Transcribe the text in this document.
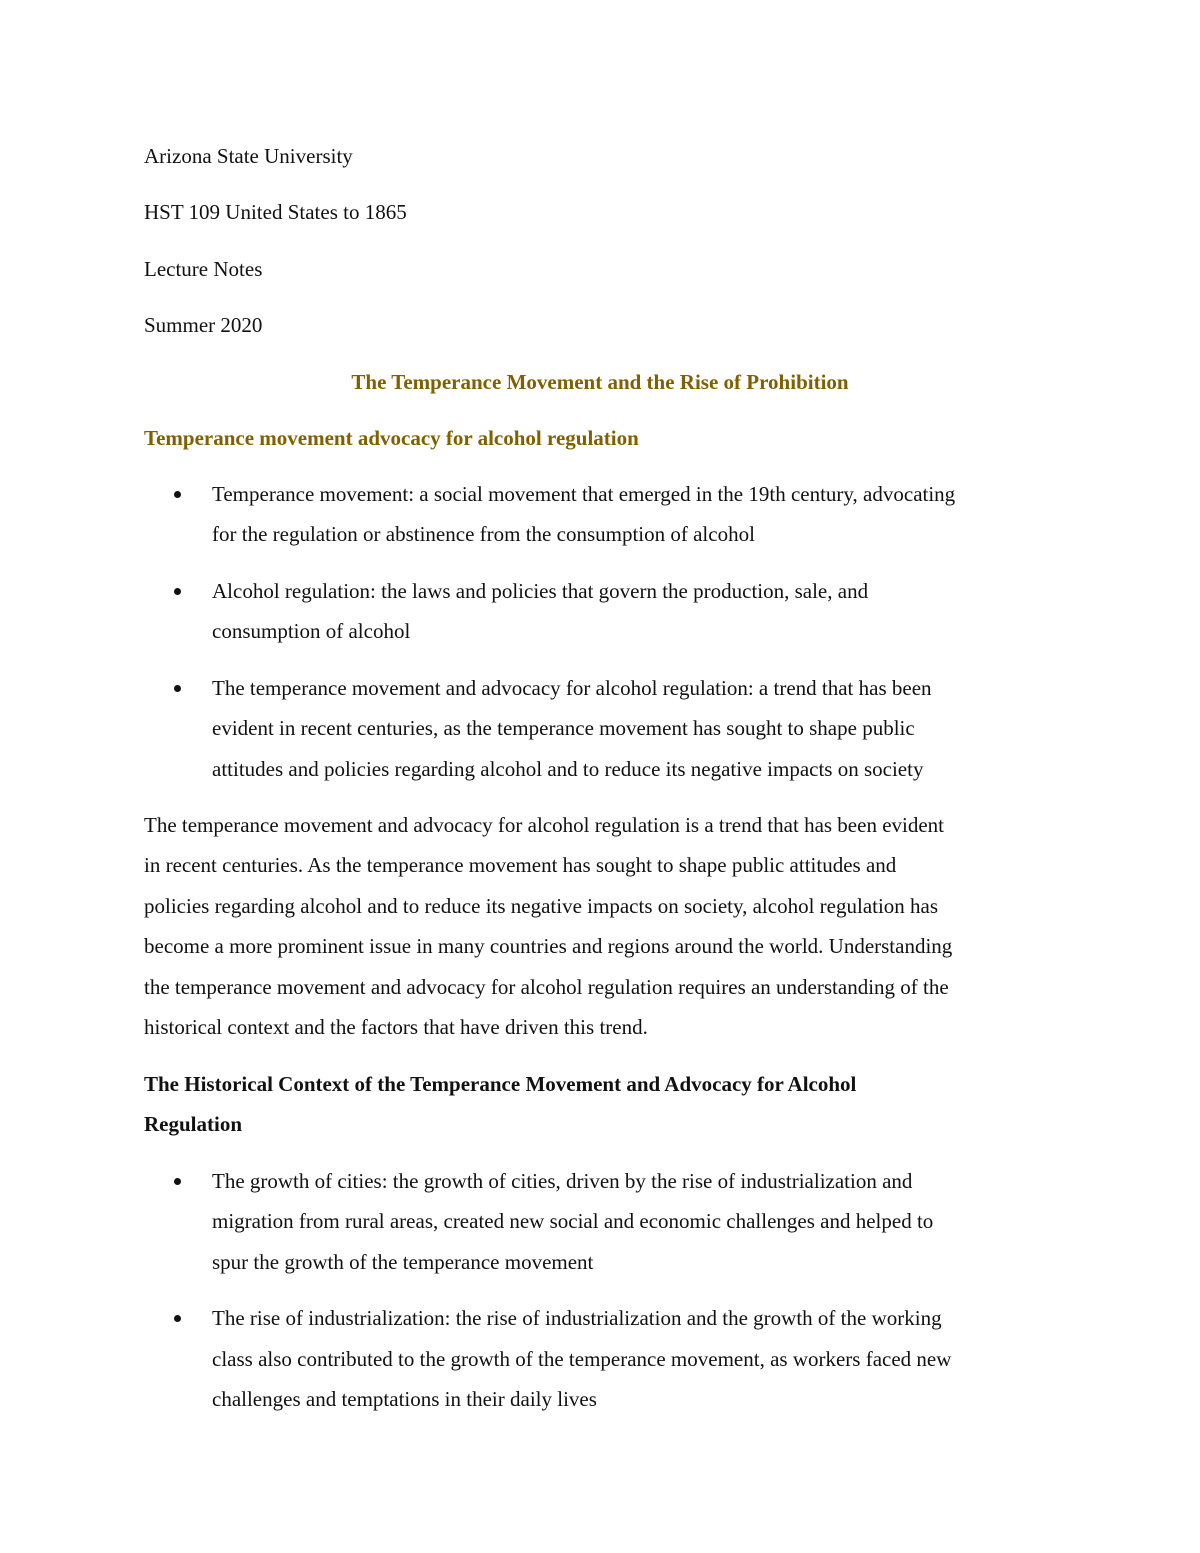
Arizona State University
HST 109 United States to 1865
Lecture Notes
Summer 2020
The Temperance Movement and the Rise of Prohibition
Temperance movement advocacy for alcohol regulation
Temperance movement: a social movement that emerged in the 19th century, advocating
for the regulation or abstinence from the consumption of alcohol
Alcohol regulation: the laws and policies that govern the production, sale, and
consumption of alcohol
The temperance movement and advocacy for alcohol regulation: a trend that has been
evident in recent centuries, as the temperance movement has sought to shape public
attitudes and policies regarding alcohol and to reduce its negative impacts on society
The temperance movement and advocacy for alcohol regulation is a trend that has been evident
in recent centuries. As the temperance movement has sought to shape public attitudes and
policies regarding alcohol and to reduce its negative impacts on society, alcohol regulation has
become a more prominent issue in many countries and regions around the world. Understanding
the temperance movement and advocacy for alcohol regulation requires an understanding of the
historical context and the factors that have driven this trend.
The Historical Context of the Temperance Movement and Advocacy for Alcohol
Regulation
The growth of cities: the growth of cities, driven by the rise of industrialization and
migration from rural areas, created new social and economic challenges and helped to
spur the growth of the temperance movement
The rise of industrialization: the rise of industrialization and the growth of the working
class also contributed to the growth of the temperance movement, as workers faced new
challenges and temptations in their daily lives
